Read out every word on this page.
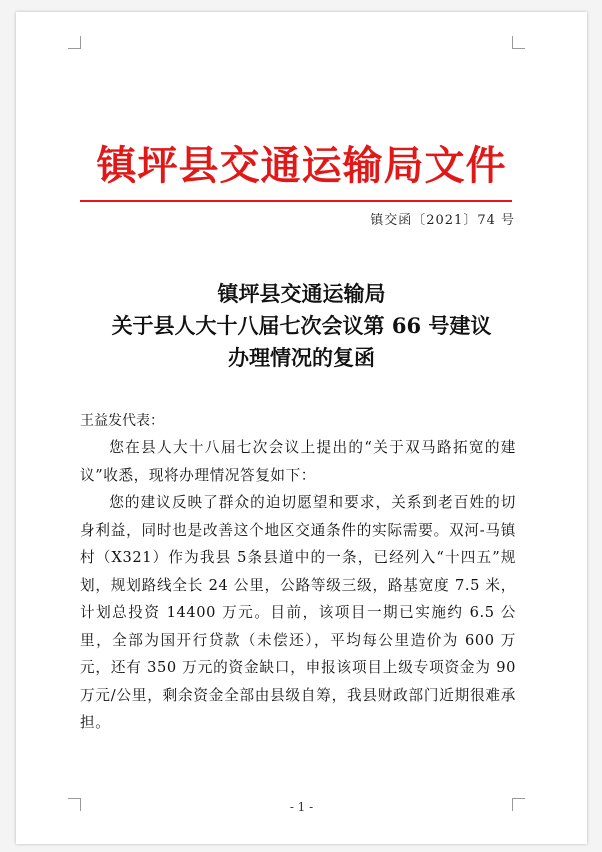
镇坪县交通运输局文件
镇交函〔2021〕74 号
镇坪县交通运输局
关于县人大十八届七次会议第 66 号建议
办理情况的复函
王益发代表：

您在县人大十八届七次会议上提出的“关于双马路拓宽的建议”收悉，现将办理情况答复如下：

您的建议反映了群众的迫切愿望和要求，关系到老百姓的切身利益，同时也是改善这个地区交通条件的实际需要。双河-马镇村（X321）作为我县 5条县道中的一条，已经列入“十四五”规划，规划路线全长 24 公里，公路等级三级，路基宽度 7.5 米，计划总投资 14400 万元。目前，该项目一期已实施约 6.5 公里，全部为国开行贷款（未偿还），平均每公里造价为 600 万元，还有 350 万元的资金缺口，申报该项目上级专项资金为 90 万元/公里，剩余资金全部由县级自筹，我县财政部门近期很难承担。

- 1 -
